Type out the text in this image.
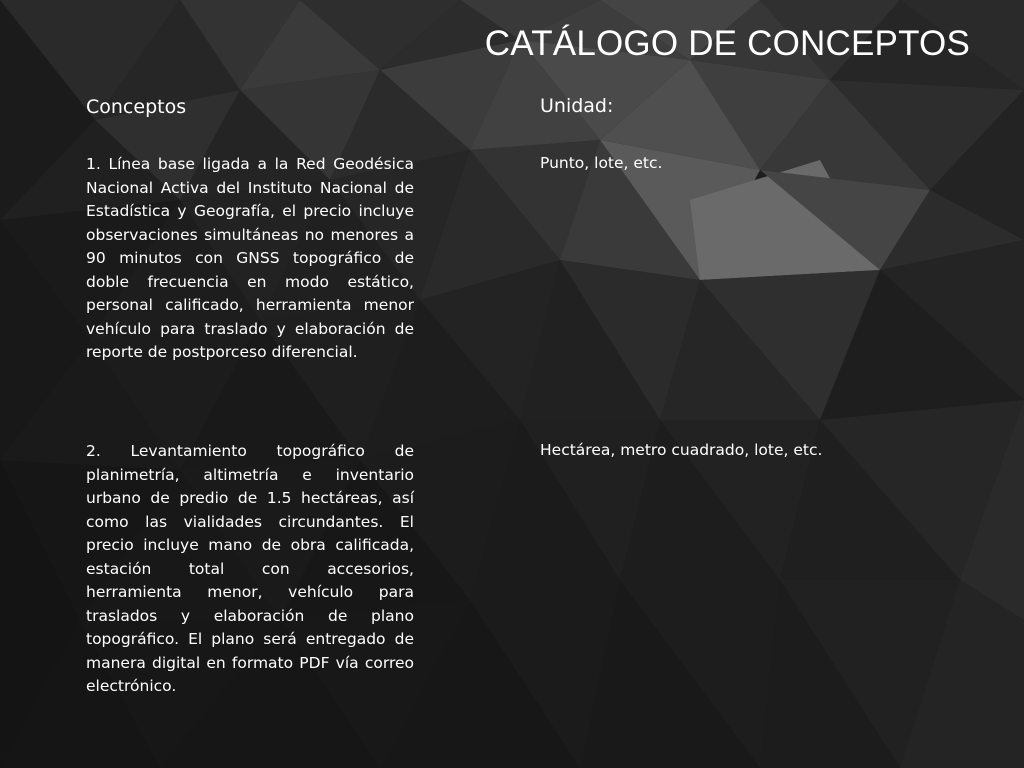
CATÁLOGO DE CONCEPTOS
Conceptos	Unidad:
1. Línea base ligada a la Red Geodésica Nacional Activa del Instituto Nacional de Estadística y Geografía, el precio incluye observaciones simultáneas no menores a 90 minutos con GNSS topográfico de doble frecuencia en modo estático, personal calificado, herramienta menor vehículo para traslado y elaboración de reporte de postporceso diferencial.
Punto, lote, etc.
2. Levantamiento topográfico de planimetría, altimetría e inventario urbano de predio de 1.5 hectáreas, así como las vialidades circundantes. El precio incluye mano de obra calificada, estación total con accesorios, herramienta menor, vehículo para traslados y elaboración de plano topográfico. El plano será entregado de manera digital en formato PDF vía correo electrónico.
Hectárea, metro cuadrado, lote, etc.
